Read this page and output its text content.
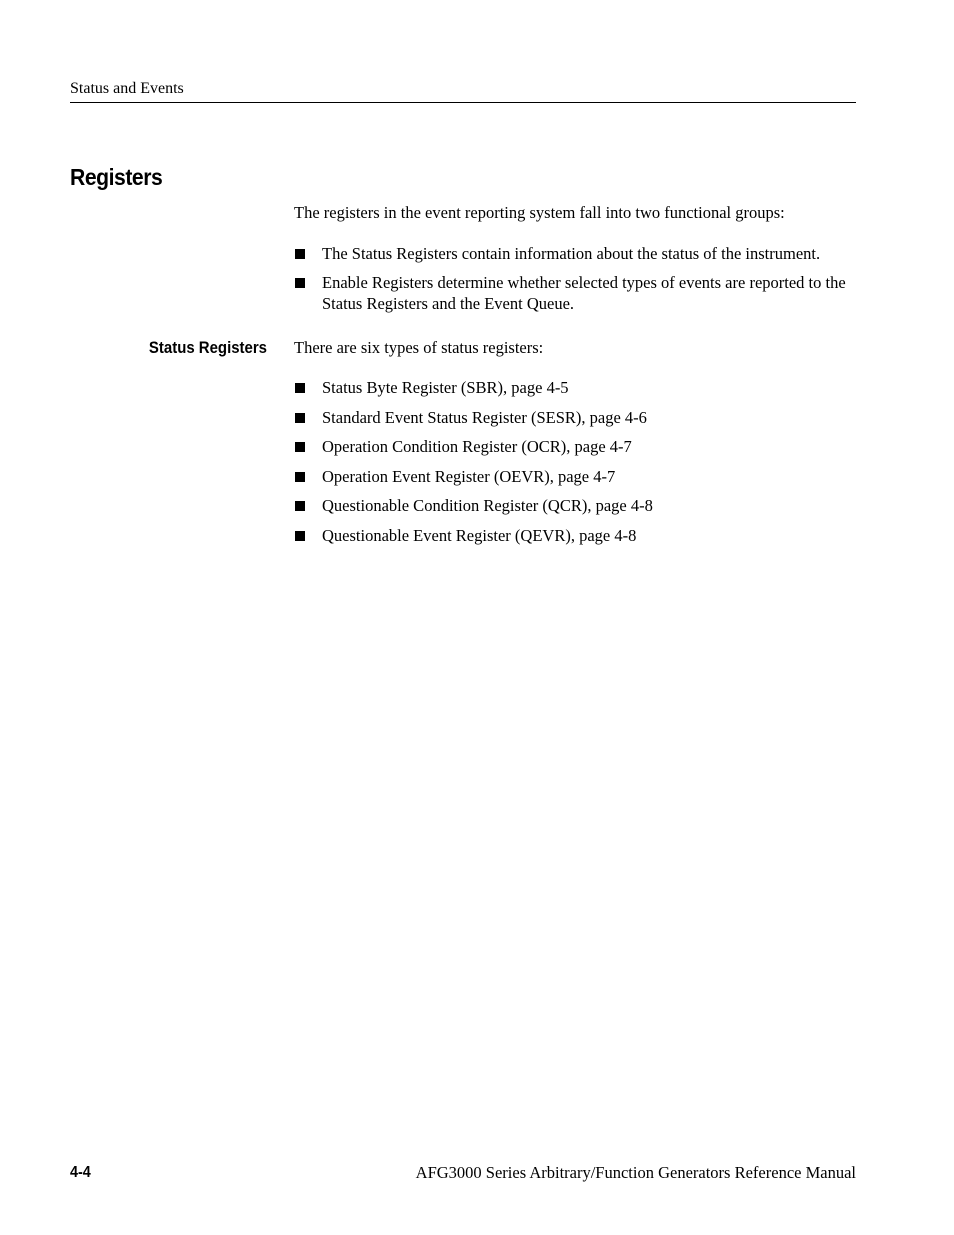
Status and Events
Registers

The registers in the event reporting system fall into two functional groups:

The Status Registers contain information about the status of the instrument.
Enable Registers determine whether selected types of events are reported to the Status Registers and the Event Queue.
Status Registers There are six types of status registers:

Status Byte Register (SBR), page 4-5
Standard Event Status Register (SESR), page 4-6
Operation Condition Register (OCR), page 4-7
Operation Event Register (OEVR), page 4-7
Questionable Condition Register (QCR), page 4-8
Questionable Event Register (QEVR), page 4-8
4-4	AFG3000 Series Arbitrary/Function Generators Reference Manual
